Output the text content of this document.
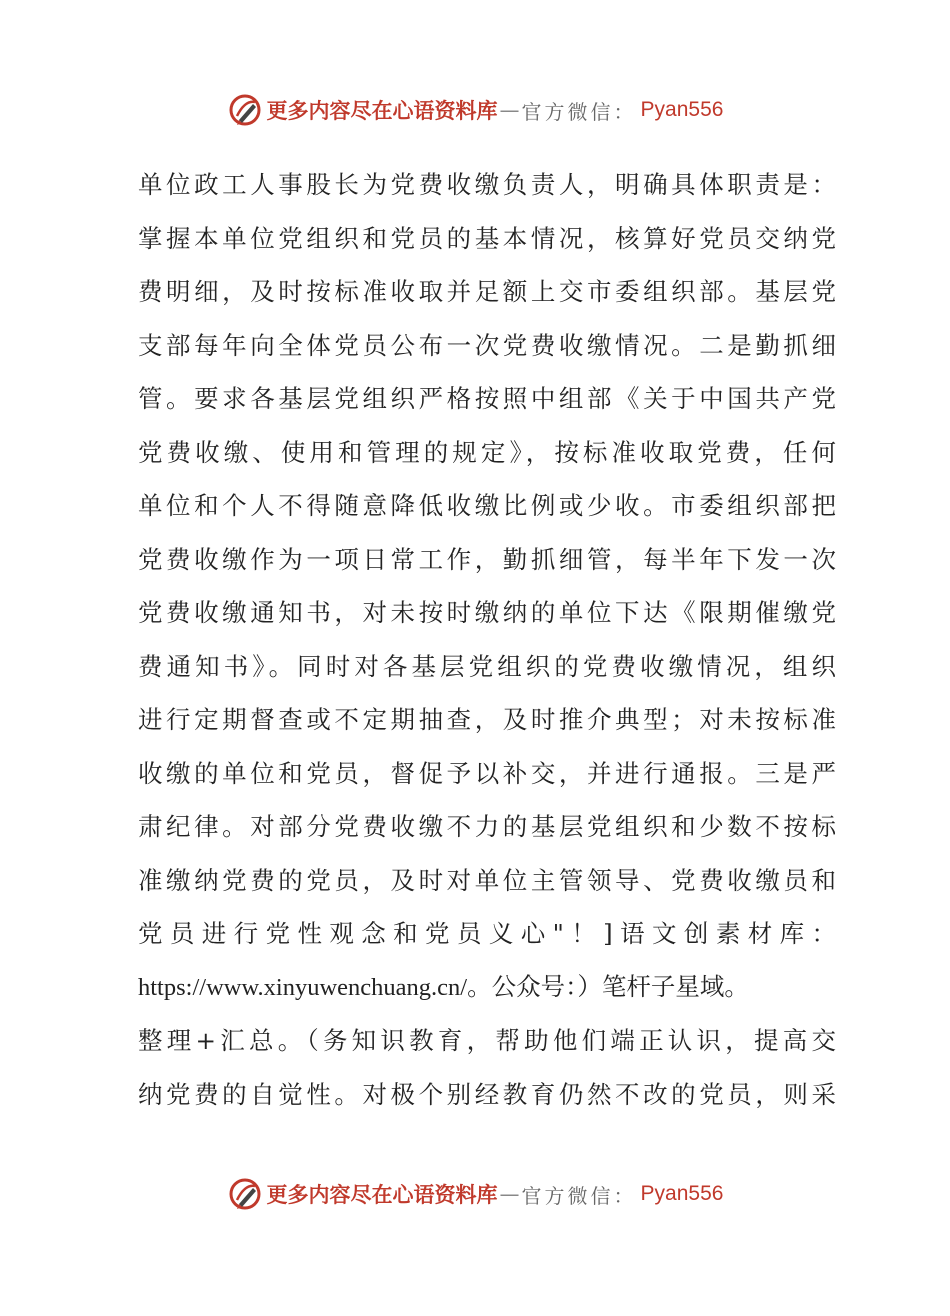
更多内容尽在心语资料库 — 官方微信： Pyan556
单位政工人事股长为党费收缴负责人，明确具体职责是：
掌握本单位党组织和党员的基本情况，核算好党员交纳党
费明细，及时按标准收取并足额上交市委组织部。基层党
支部每年向全体党员公布一次党费收缴情况。二是勤抓细
管。要求各基层党组织严格按照中组部《关于中国共产党
党费收缴、使用和管理的规定》，按标准收取党费，任何
单位和个人不得随意降低收缴比例或少收。市委组织部把
党费收缴作为一项日常工作，勤抓细管，每半年下发一次
党费收缴通知书，对未按时缴纳的单位下达《限期催缴党
费通知书》。同时对各基层党组织的党费收缴情况，组织
进行定期督查或不定期抽查，及时推介典型；对未按标准
收缴的单位和党员，督促予以补交，并进行通报。三是严
肃纪律。对部分党费收缴不力的基层党组织和少数不按标
准缴纳党费的党员，及时对单位主管领导、党费收缴员和
党员进行党性观念和党员义心"！]语文创素材库：
https://www.xinyuwenchuang.cn/。公众号：）笔杆子星域。
整理+汇总。（务知识教育，帮助他们端正认识，提高交
纳党费的自觉性。对极个别经教育仍然不改的党员，则采
更多内容尽在心语资料库 — 官方微信： Pyan556
